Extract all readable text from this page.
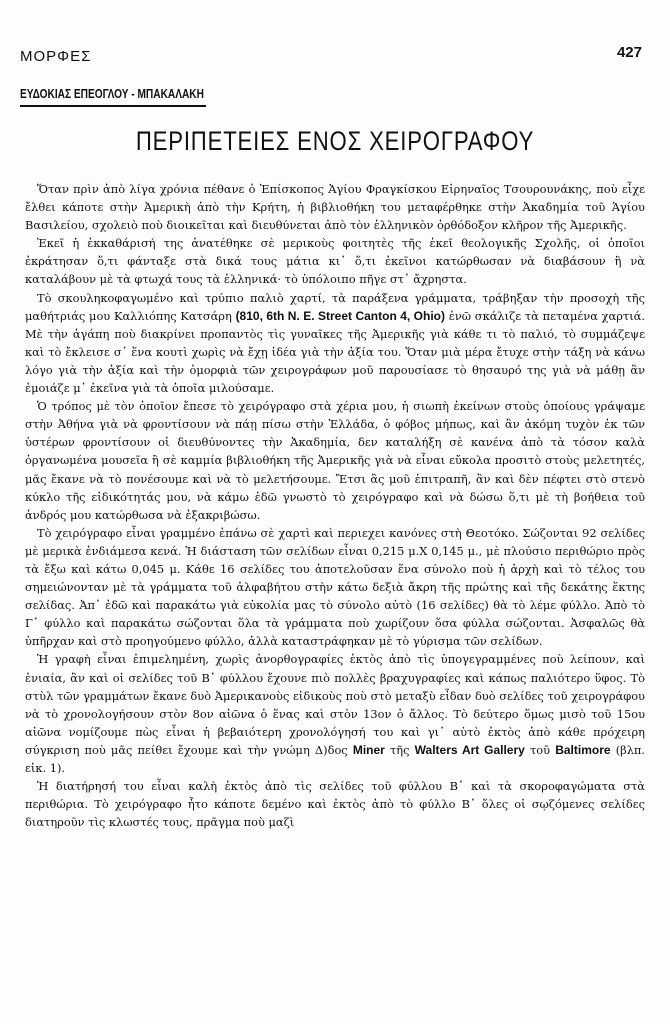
ΜΟΡΦΕΣ	427
ΕΥΔΟΚΙΑΣ ΕΠΕΟΓΛΟΥ - ΜΠΑΚΑΛΑΚΗ
ΠΕΡΙΠΕΤΕΙΕΣ ΕΝΟΣ ΧΕΙΡΟΓΡΑΦΟΥ

Ὅταν πρὶν ἀπὸ λίγα χρόνια πέθανε ὁ Ἐπίσκοπος Ἁγίου Φραγκίσκου Εἰρηναῖος Τσουρουνάκης, ποὺ εἶχε ἔλθει κάποτε στὴν Ἀμερικὴ ἀπὸ τὴν Κρήτη, ἡ βιβλιοθήκη του μεταφέρθηκε στὴν Ἀκαδημία τοῦ Ἁγίου Βασιλείου, σχολειὸ ποὺ διοικεῖται καὶ διευθύνεται ἀπὸ τὸν ἑλληνικὸν ὀρθόδοξον κλῆρον τῆς Ἀμερικῆς.

Ἐκεῖ ἡ ἐκκαθάρισή της ἀνατέθηκε σὲ μερικοὺς φοιτητὲς τῆς ἐκεῖ θεολογικῆς Σχολῆς, οἱ ὁποῖοι ἐκράτησαν ὅ,τι φάνταξε στὰ δικά τους μάτια κι᾽ ὅ,τι ἐκεῖνοι κατώρθωσαν νὰ διαβάσουν ἢ νὰ καταλάβουν μὲ τὰ φτωχά τους τὰ ἑλληνικά· τὸ ὑπόλοιπο πῆγε στ᾽ ἄχρηστα.

Τὸ σκουληκοφαγωμένο καὶ τρύπιο παλιὸ χαρτί, τὰ παράξενα γράμματα, τράβηξαν τὴν προσοχὴ τῆς μαθήτριάς μου Καλλιόπης Κατσάρη (810, 6th N. E. Street Canton 4, Ohio) ἐνῶ σκάλιζε τὰ πεταμένα χαρτιά. Μὲ τὴν ἀγάπη ποὺ διακρίνει προπαντὸς τὶς γυναῖκες τῆς Ἀμερικῆς γιὰ κάθε τι τὸ παλιό, τὸ συμμάζεψε καὶ τὸ ἔκλεισε σ᾽ ἕνα κουτὶ χωρὶς νὰ ἔχῃ ἰδέα γιὰ τὴν ἀξία του. Ὅταν μιὰ μέρα ἔτυχε στὴν τάξη νὰ κάνω λόγο γιὰ τὴν ἀξία καὶ τὴν ὀμορφιὰ τῶν χειρογράφων μοῦ παρουσίασε τὸ θησαυρό της γιὰ νὰ μάθῃ ἂν ἐμοιάζε μ᾽ ἐκεῖνα γιὰ τὰ ὁποῖα μιλούσαμε.

Ὁ τρόπος μὲ τὸν ὁποῖον ἔπεσε τὸ χειρόγραφο στὰ χέρια μου, ἡ σιωπὴ ἐκείνων στοὺς ὁποίους γράψαμε στὴν Ἀθήνα γιὰ νὰ φροντίσουν νὰ πάῃ πίσω στὴν Ἑλλάδα, ὁ φόβος μήπως, καὶ ἂν ἀκόμη τυχὸν ἐκ τῶν ὑστέρων φροντίσουν οἱ διευθύνοντες τὴν Ἀκαδημία, δεν καταλήξη σὲ κανένα ἀπὸ τὰ τόσον καλὰ ὀργανωμένα μουσεῖα ἢ σὲ καμμία βιβλιοθήκη τῆς Ἀμερικῆς γιὰ νὰ εἶναι εὔκολα προσιτὸ στοὺς μελετητές, μᾶς ἔκανε νὰ τὸ πονέσουμε καὶ νὰ τὸ μελετήσουμε. Ἔτσι ἂς μοῦ ἐπιτραπῆ, ἂν καὶ δὲν πέφτει στὸ στενὸ κύκλο τῆς εἰδικότητάς μου, νὰ κάμω ἐδῶ γνωστὸ τὸ χειρόγραφο καὶ νὰ δώσω ὅ,τι μὲ τὴ βοήθεια τοῦ ἀνδρός μου κατώρθωσα νὰ ἐξακριβώσω.

Τὸ χειρόγραφο εἶναι γραμμένο ἐπάνω σὲ χαρτὶ καὶ περιεχει κανόνες στὴ Θεοτόκο. Σώζονται 92 σελίδες μὲ μερικὰ ἐνδιάμεσα κενά. Ἡ διάσταση τῶν σελίδων εἶναι 0,215 μ.Χ 0,145 μ., μὲ πλούσιο περιθώριο πρὸς τὰ ἔξω καὶ κάτω 0,045 μ. Κάθε 16 σελίδες του ἀποτελοῦσαν ἕνα σύνολο ποὺ ἡ ἀρχὴ καὶ τὸ τέλος του σημειώνονταν μὲ τὰ γράμματα τοῦ ἀλφαβήτου στὴν κάτω δεξιὰ ἄκρη τῆς πρώτης καὶ τῆς δεκάτης ἕκτης σελίδας. Ἀπ᾽ ἐδῶ καὶ παρακάτω γιὰ εὐκολία μας τὸ σύνολο αὐτὸ (16 σελίδες) θὰ τὸ λέμε φύλλο. Ἀπὸ τὸ Γ᾽ φύλλο καὶ παρακάτω σώζονται ὅλα τὰ γράμματα ποὺ χωρίζουν ὅσα φύλλα σώζονται. Ἀσφαλῶς θὰ ὑπῆρχαν καὶ στὸ προηγούμενο φύλλο, ἀλλὰ καταστράφηκαν μὲ τὸ γύρισμα τῶν σελίδων.

Ἡ γραφὴ εἶναι ἐπιμελημένη, χωρὶς ἀνορθογραφίες ἐκτὸς ἀπὸ τὶς ὑπογεγραμμένες ποὺ λείπουν, καὶ ἑνιαία, ἂν καὶ οἱ σελίδες τοῦ Β᾽ φύλλου ἔχουνε πιὸ πολλὲς βραχυγραφίες καὶ κάπως παλιότερο ὕφος. Τὸ στὺλ τῶν γραμμάτων ἔκανε δυὸ Ἀμερικανοὺς εἰδικοὺς ποὺ στὸ μεταξὺ εἶδαν δυὸ σελίδες τοῦ χειρογράφου νὰ τὸ χρονολογήσουν στὸν 8ον αἰῶνα ὁ ἕνας καὶ στὸν 13ον ὁ ἄλλος. Τὸ δεύτερο ὅμως μισὸ τοῦ 15ου αἰῶνα νομίζουμε πὼς εἶναι ἡ βεβαιότερη χρονολόγησή του καὶ γι᾽ αὐτὸ ἐκτὸς ἀπὸ κάθε πρόχειρη σύγκριση ποὺ μᾶς πείθει ἔχουμε καὶ τὴν γνώμη Δ)δος Miner τῆς Walters Art Gallery τοῦ Baltimore (βλπ. εἰκ. 1).

Ἡ διατήρησή του εἶναι καλὴ ἐκτὸς ἀπὸ τὶς σελίδες τοῦ φύλλου Β᾽ καὶ τὰ σκοροφαγώματα στὰ περιθώρια. Τὸ χειρόγραφο ἦτο κάποτε δεμένο καὶ ἐκτὸς ἀπὸ τὸ φύλλο Β᾽ ὅλες οἱ σῳζόμενες σελίδες διατηροῦν τὶς κλωστές τους, πρᾶγμα ποὺ μαζὶ
